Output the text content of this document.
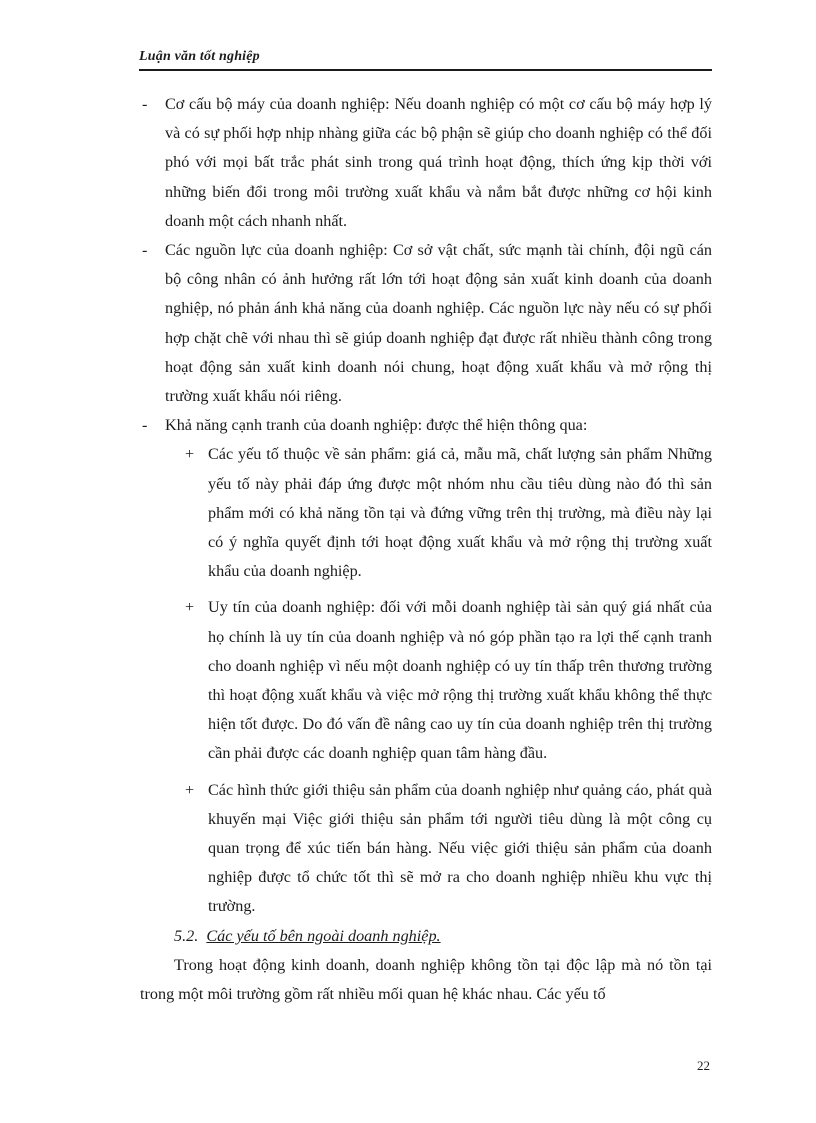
Luận văn tốt nghiệp

- Cơ cấu bộ máy của doanh nghiệp: Nếu doanh nghiệp có một cơ cấu bộ máy hợp lý và có sự phối hợp nhịp nhàng giữa các bộ phận sẽ giúp cho doanh nghiệp có thể đối phó với mọi bất trắc phát sinh trong quá trình hoạt động, thích ứng kịp thời với những biến đổi trong môi trường xuất khẩu và nắm bắt được những cơ hội kinh doanh một cách nhanh nhất.

- Các nguồn lực của doanh nghiệp: Cơ sở vật chất, sức mạnh tài chính, đội ngũ cán bộ công nhân có ảnh hưởng rất lớn tới hoạt động sản xuất kinh doanh của doanh nghiệp, nó phản ánh khả năng của doanh nghiệp. Các nguồn lực này nếu có sự phối hợp chặt chẽ với nhau thì sẽ giúp doanh nghiệp đạt được rất nhiều thành công trong hoạt động sản xuất kinh doanh nói chung, hoạt động xuất khẩu và mở rộng thị trường xuất khẩu nói riêng.

- Khả năng cạnh tranh của doanh nghiệp: được thể hiện thông qua:

+ Các yếu tố thuộc về sản phẩm: giá cả, mẫu mã, chất lượng sản phẩm Những yếu tố này phải đáp ứng được một nhóm nhu cầu tiêu dùng nào đó thì sản phẩm mới có khả năng tồn tại và đứng vững trên thị trường, mà điều này lại có ý nghĩa quyết định tới hoạt động xuất khẩu và mở rộng thị trường xuất khẩu của doanh nghiệp.

+ Uy tín của doanh nghiệp: đối với mỗi doanh nghiệp tài sản quý giá nhất của họ chính là uy tín của doanh nghiệp và nó góp phần tạo ra lợi thế cạnh tranh cho doanh nghiệp vì nếu một doanh nghiệp có uy tín thấp trên thương trường thì hoạt động xuất khẩu và việc mở rộng thị trường xuất khẩu không thể thực hiện tốt được. Do đó vấn đề nâng cao uy tín của doanh nghiệp trên thị trường cần phải được các doanh nghiệp quan tâm hàng đầu.

+ Các hình thức giới thiệu sản phẩm của doanh nghiệp như quảng cáo, phát quà khuyến mại Việc giới thiệu sản phẩm tới người tiêu dùng là một công cụ quan trọng để xúc tiến bán hàng. Nếu việc giới thiệu sản phẩm của doanh nghiệp được tổ chức tốt thì sẽ mở ra cho doanh nghiệp nhiều khu vực thị trường.

5.2. Các yếu tố bên ngoài doanh nghiệp.

Trong hoạt động kinh doanh, doanh nghiệp không tồn tại độc lập mà nó tồn tại trong một môi trường gồm rất nhiều mối quan hệ khác nhau. Các yếu tố

22
